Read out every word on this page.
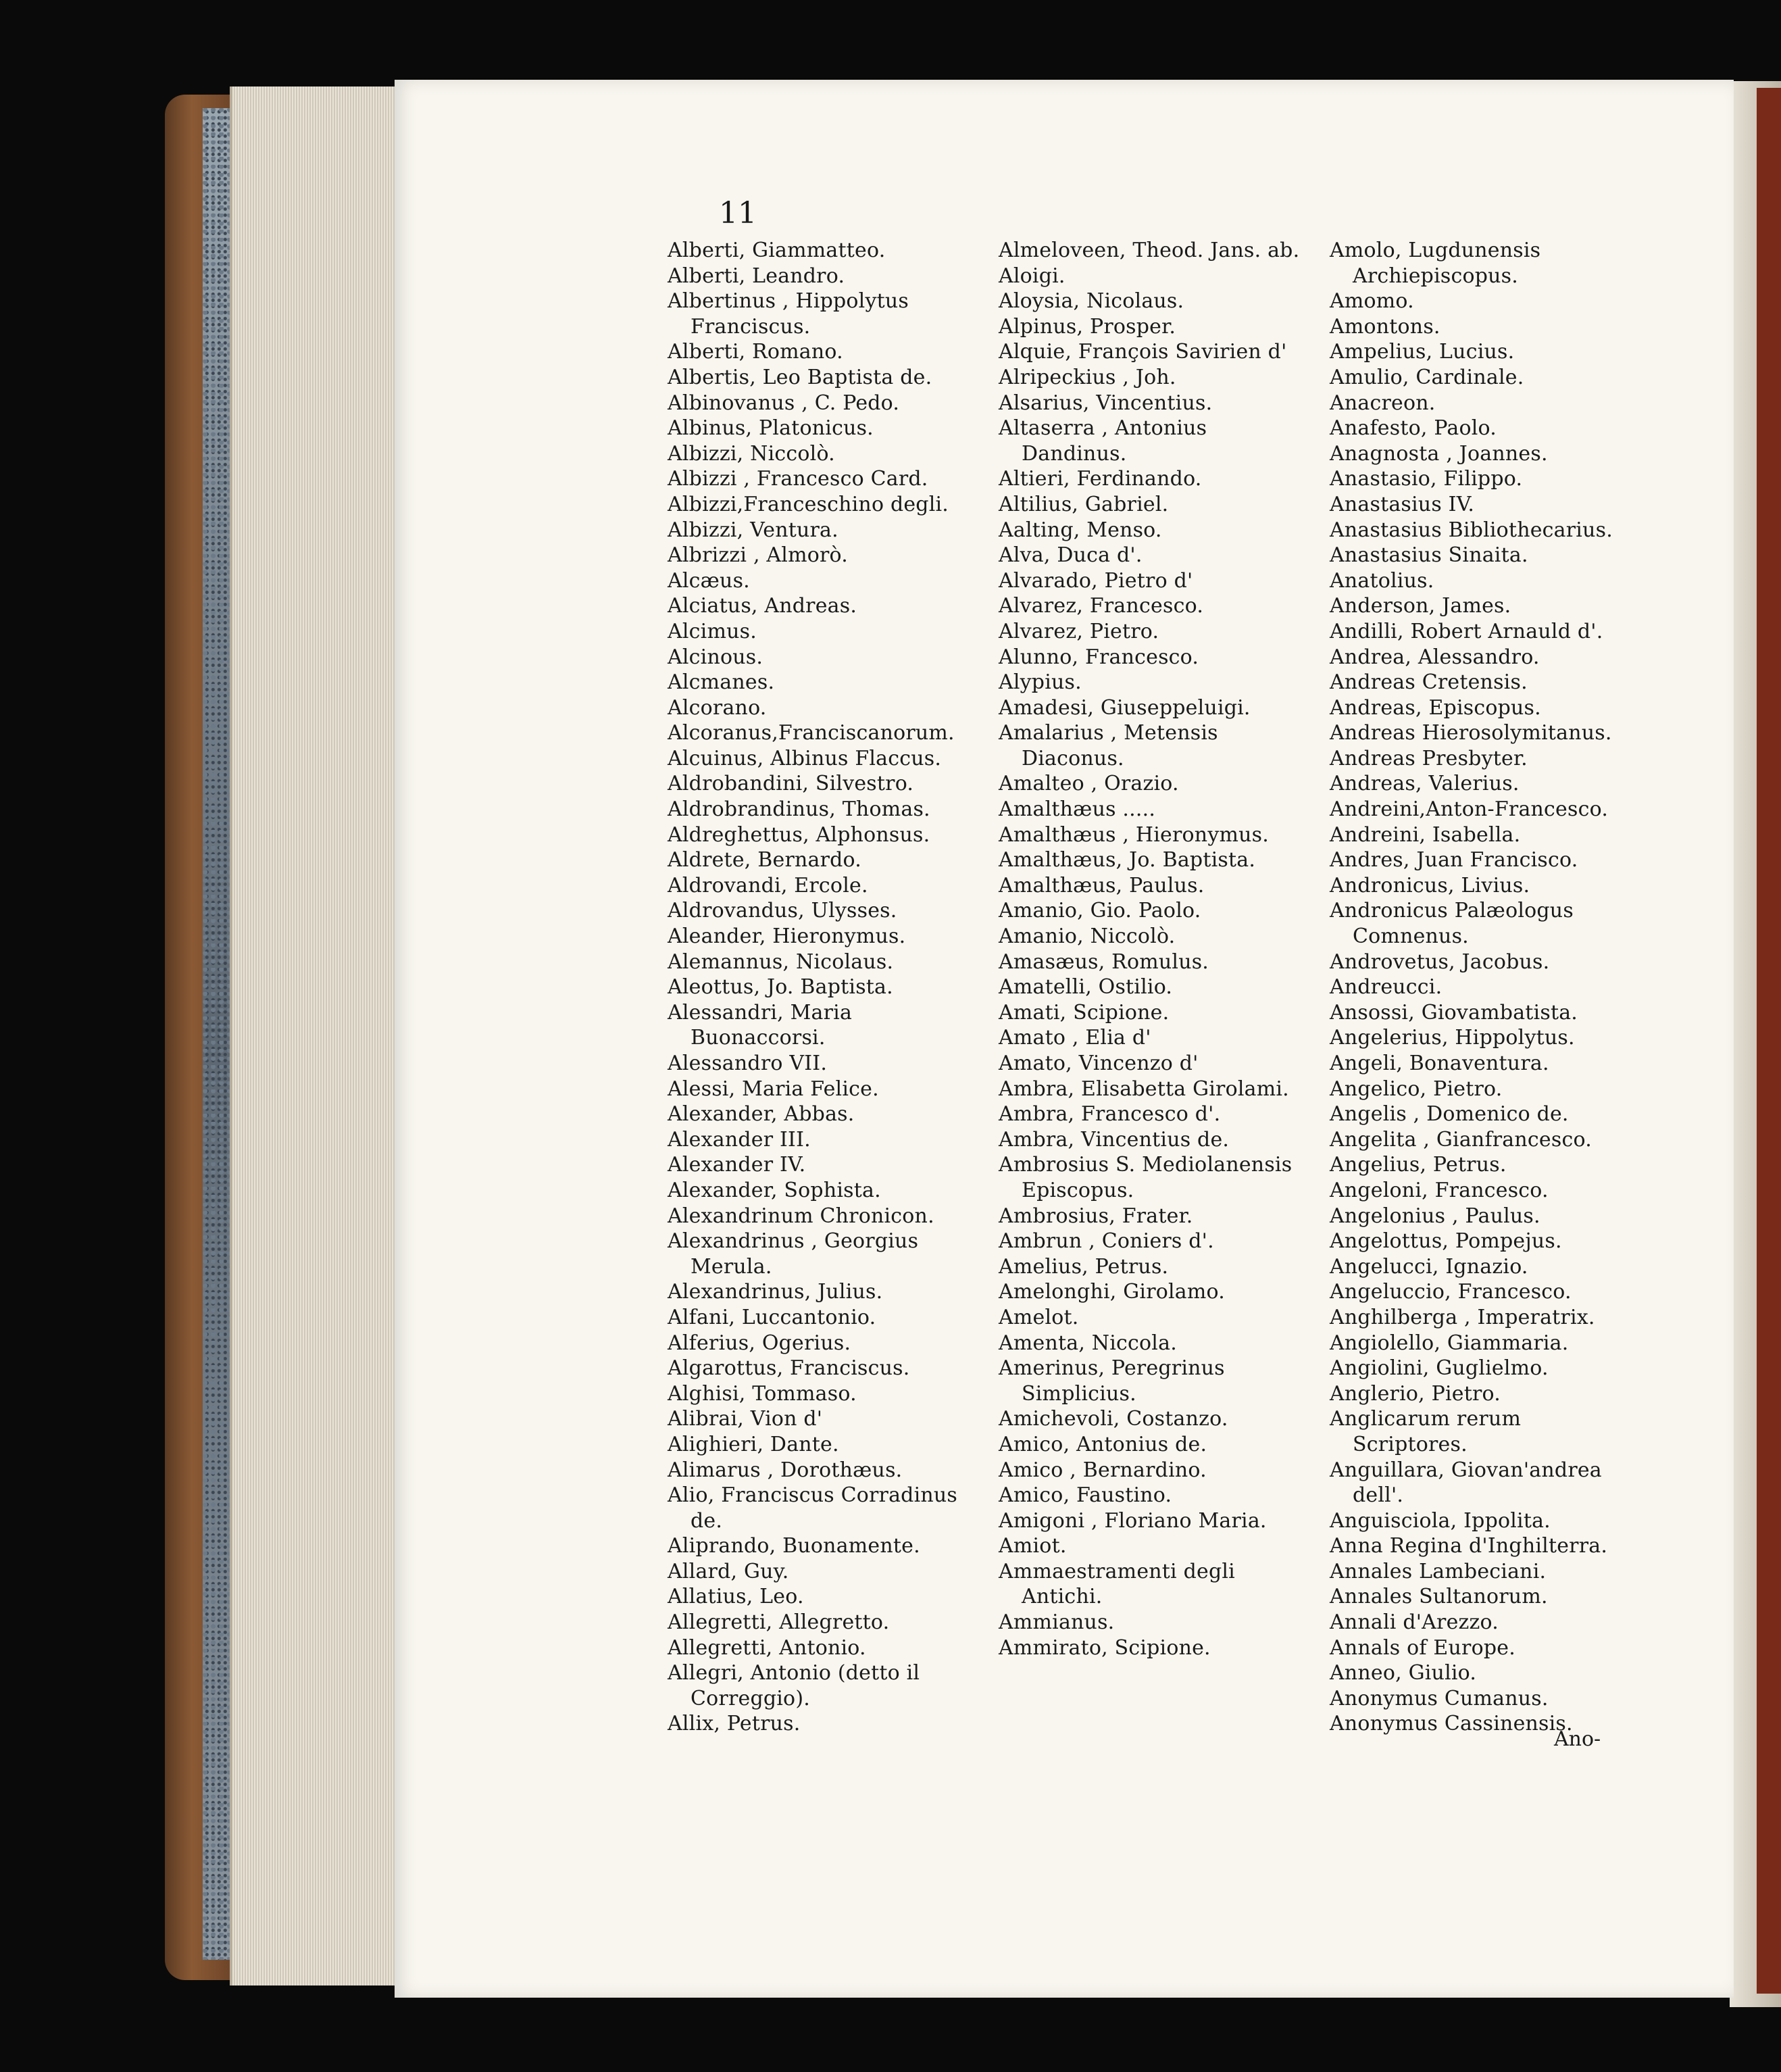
11
Alberti, Giammatteo.
Alberti, Leandro.
Albertinus , Hippolytus Franciscus.
Alberti, Romano.
Albertis, Leo Baptista de.
Albinovanus , C. Pedo.
Albinus, Platonicus.
Albizzi, Niccolò.
Albizzi , Francesco Card.
Albizzi,Franceschino degli.
Albizzi, Ventura.
Albrizzi , Almorò.
Alcæus.
Alciatus, Andreas.
Alcimus.
Alcinous.
Alcmanes.
Alcorano.
Alcoranus,Franciscanorum.
Alcuinus, Albinus Flaccus.
Aldrobandini, Silvestro.
Aldrobrandinus, Thomas.
Aldreghettus, Alphonsus.
Aldrete, Bernardo.
Aldrovandi, Ercole.
Aldrovandus, Ulysses.
Aleander, Hieronymus.
Alemannus, Nicolaus.
Aleottus, Jo. Baptista.
Alessandri, Maria Buonaccorsi.
Alessandro VII.
Alessi, Maria Felice.
Alexander, Abbas.
Alexander III.
Alexander IV.
Alexander, Sophista.
Alexandrinum Chronicon.
Alexandrinus , Georgius Merula.
Alexandrinus, Julius.
Alfani, Luccantonio.
Alferius, Ogerius.
Algarottus, Franciscus.
Alghisi, Tommaso.
Alibrai, Vion d'
Alighieri, Dante.
Alimarus , Dorothæus.
Alio, Franciscus Corradinus de.
Aliprando, Buonamente.
Allard, Guy.
Allatius, Leo.
Allegretti, Allegretto.
Allegretti, Antonio.
Allegri, Antonio (detto il Correggio).
Allix, Petrus.
Almeloveen, Theod. Jans. ab.
Aloigi.
Aloysia, Nicolaus.
Alpinus, Prosper.
Alquie, François Savirien d'
Alripeckius , Joh.
Alsarius, Vincentius.
Altaserra , Antonius Dandinus.
Altieri, Ferdinando.
Altilius, Gabriel.
Aalting, Menso.
Alva, Duca d'.
Alvarado, Pietro d'
Alvarez, Francesco.
Alvarez, Pietro.
Alunno, Francesco.
Alypius.
Amadesi, Giuseppeluigi.
Amalarius , Metensis Diaconus.
Amalteo , Orazio.
Amalthæus .....
Amalthæus , Hieronymus.
Amalthæus, Jo. Baptista.
Amalthæus, Paulus.
Amanio, Gio. Paolo.
Amanio, Niccolò.
Amasæus, Romulus.
Amatelli, Ostilio.
Amati, Scipione.
Amato , Elia d'
Amato, Vincenzo d'
Ambra, Elisabetta Girolami.
Ambra, Francesco d'.
Ambra, Vincentius de.
Ambrosius S. Mediolanensis Episcopus.
Ambrosius, Frater.
Ambrun , Coniers d'.
Amelius, Petrus.
Amelonghi, Girolamo.
Amelot.
Amenta, Niccola.
Amerinus, Peregrinus Simplicius.
Amichevoli, Costanzo.
Amico, Antonius de.
Amico , Bernardino.
Amico, Faustino.
Amigoni , Floriano Maria.
Amiot.
Ammaestramenti degli Antichi.
Ammianus.
Ammirato, Scipione.
Amolo, Lugdunensis Archiepiscopus.
Amomo.
Amontons.
Ampelius, Lucius.
Amulio, Cardinale.
Anacreon.
Anafesto, Paolo.
Anagnosta , Joannes.
Anastasio, Filippo.
Anastasius IV.
Anastasius Bibliothecarius.
Anastasius Sinaita.
Anatolius.
Anderson, James.
Andilli, Robert Arnauld d'.
Andrea, Alessandro.
Andreas Cretensis.
Andreas, Episcopus.
Andreas Hierosolymitanus.
Andreas Presbyter.
Andreas, Valerius.
Andreini,Anton-Francesco.
Andreini, Isabella.
Andres, Juan Francisco.
Andronicus, Livius.
Andronicus Palæologus Comnenus.
Androvetus, Jacobus.
Andreucci.
Ansossi, Giovambatista.
Angelerius, Hippolytus.
Angeli, Bonaventura.
Angelico, Pietro.
Angelis , Domenico de.
Angelita , Gianfrancesco.
Angelius, Petrus.
Angeloni, Francesco.
Angelonius , Paulus.
Angelottus, Pompejus.
Angelucci, Ignazio.
Angeluccio, Francesco.
Anghilberga , Imperatrix.
Angiolello, Giammaria.
Angiolini, Guglielmo.
Anglerio, Pietro.
Anglicarum rerum Scriptores.
Anguillara, Giovan'andrea dell'.
Anguisciola, Ippolita.
Anna Regina d'Inghilterra.
Annales Lambeciani.
Annales Sultanorum.
Annali d'Arezzo.
Annals of Europe.
Anneo, Giulio.
Anonymus Cumanus.
Anonymus Cassinensis.
Ano-
